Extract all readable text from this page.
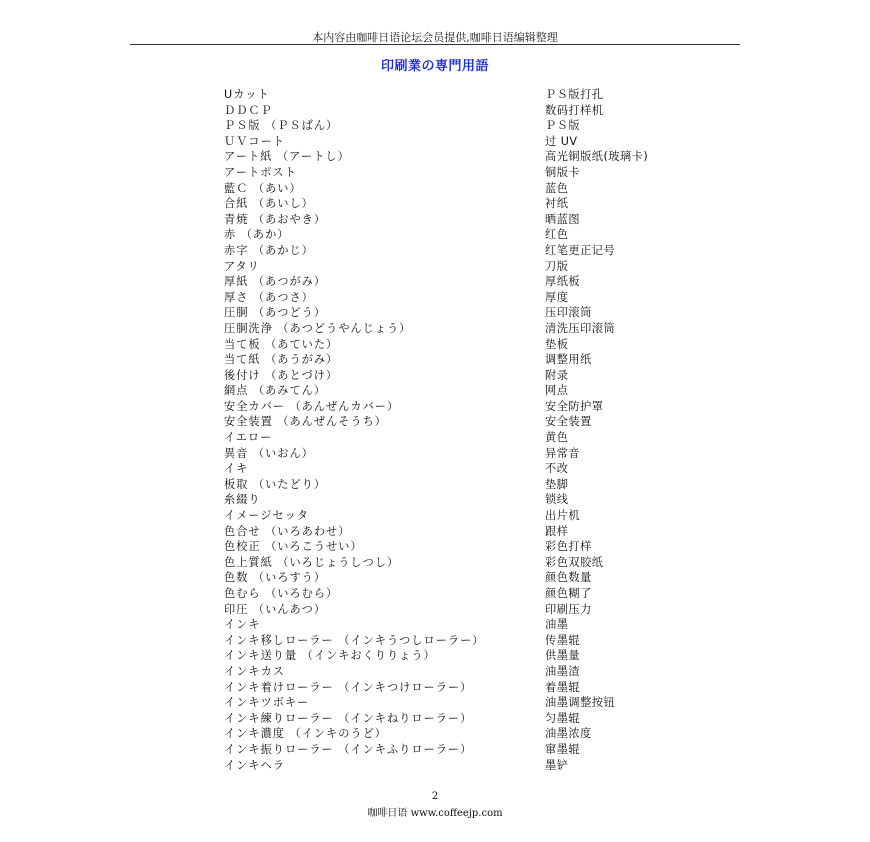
本内容由咖啡日语论坛会员提供,咖啡日语编辑整理
印刷業の専門用語
Uカット	ＰＳ版打孔
ＤＤＣＰ	数码打样机
ＰＳ版 （ＰＳばん）	ＰＳ版
ＵＶコート	过 UV
アート紙 （アートし）	高光铜版纸(玻璃卡)
アートポスト	铜版卡
藍Ｃ （あい）	蓝色
合紙 （あいし）	衬纸
青焼 （あおやき）	晒蓝图
赤 （あか）	红色
赤字 （あかじ）	红笔更正记号
アタリ	刀版
厚紙 （あつがみ）	厚纸板
厚さ （あつさ）	厚度
圧胴 （あつどう）	压印滚筒
圧胴洗浄 （あつどうやんじょう）	清洗压印滚筒
当て板 （あていた）	垫板
当て紙 （あうがみ）	调整用纸
後付け （あとづけ）	附录
網点 （あみてん）	网点
安全カバー （あんぜんカバー）	安全防护罩
安全装置 （あんぜんそうち）	安全装置
イエロー	黄色
異音 （いおん）	异常音
イキ	不改
板取 （いたどり）	垫脚
糸綴り	锁线
イメージセッタ	出片机
色合せ （いろあわせ）	跟样
色校正 （いろこうせい）	彩色打样
色上質紙 （いろじょうしつし）	彩色双胶纸
色数 （いろすう）	颜色数量
色むら （いろむら）	颜色糊了
印圧 （いんあつ）	印刷压力
インキ	油墨
インキ移しローラー （インキうつしローラー）	传墨辊
インキ送り量 （インキおくりりょう）	供墨量
インキカス	油墨渣
インキ着けローラー （インキつけローラー）	着墨辊
インキツボキー	油墨调整按钮
インキ練りローラー （インキねりローラー）	匀墨辊
インキ濃度 （インキのうど）	油墨浓度
インキ振りローラー （インキふりローラー）	窜墨辊
インキヘラ	墨铲
2
咖啡日语 www.coffeejp.com
